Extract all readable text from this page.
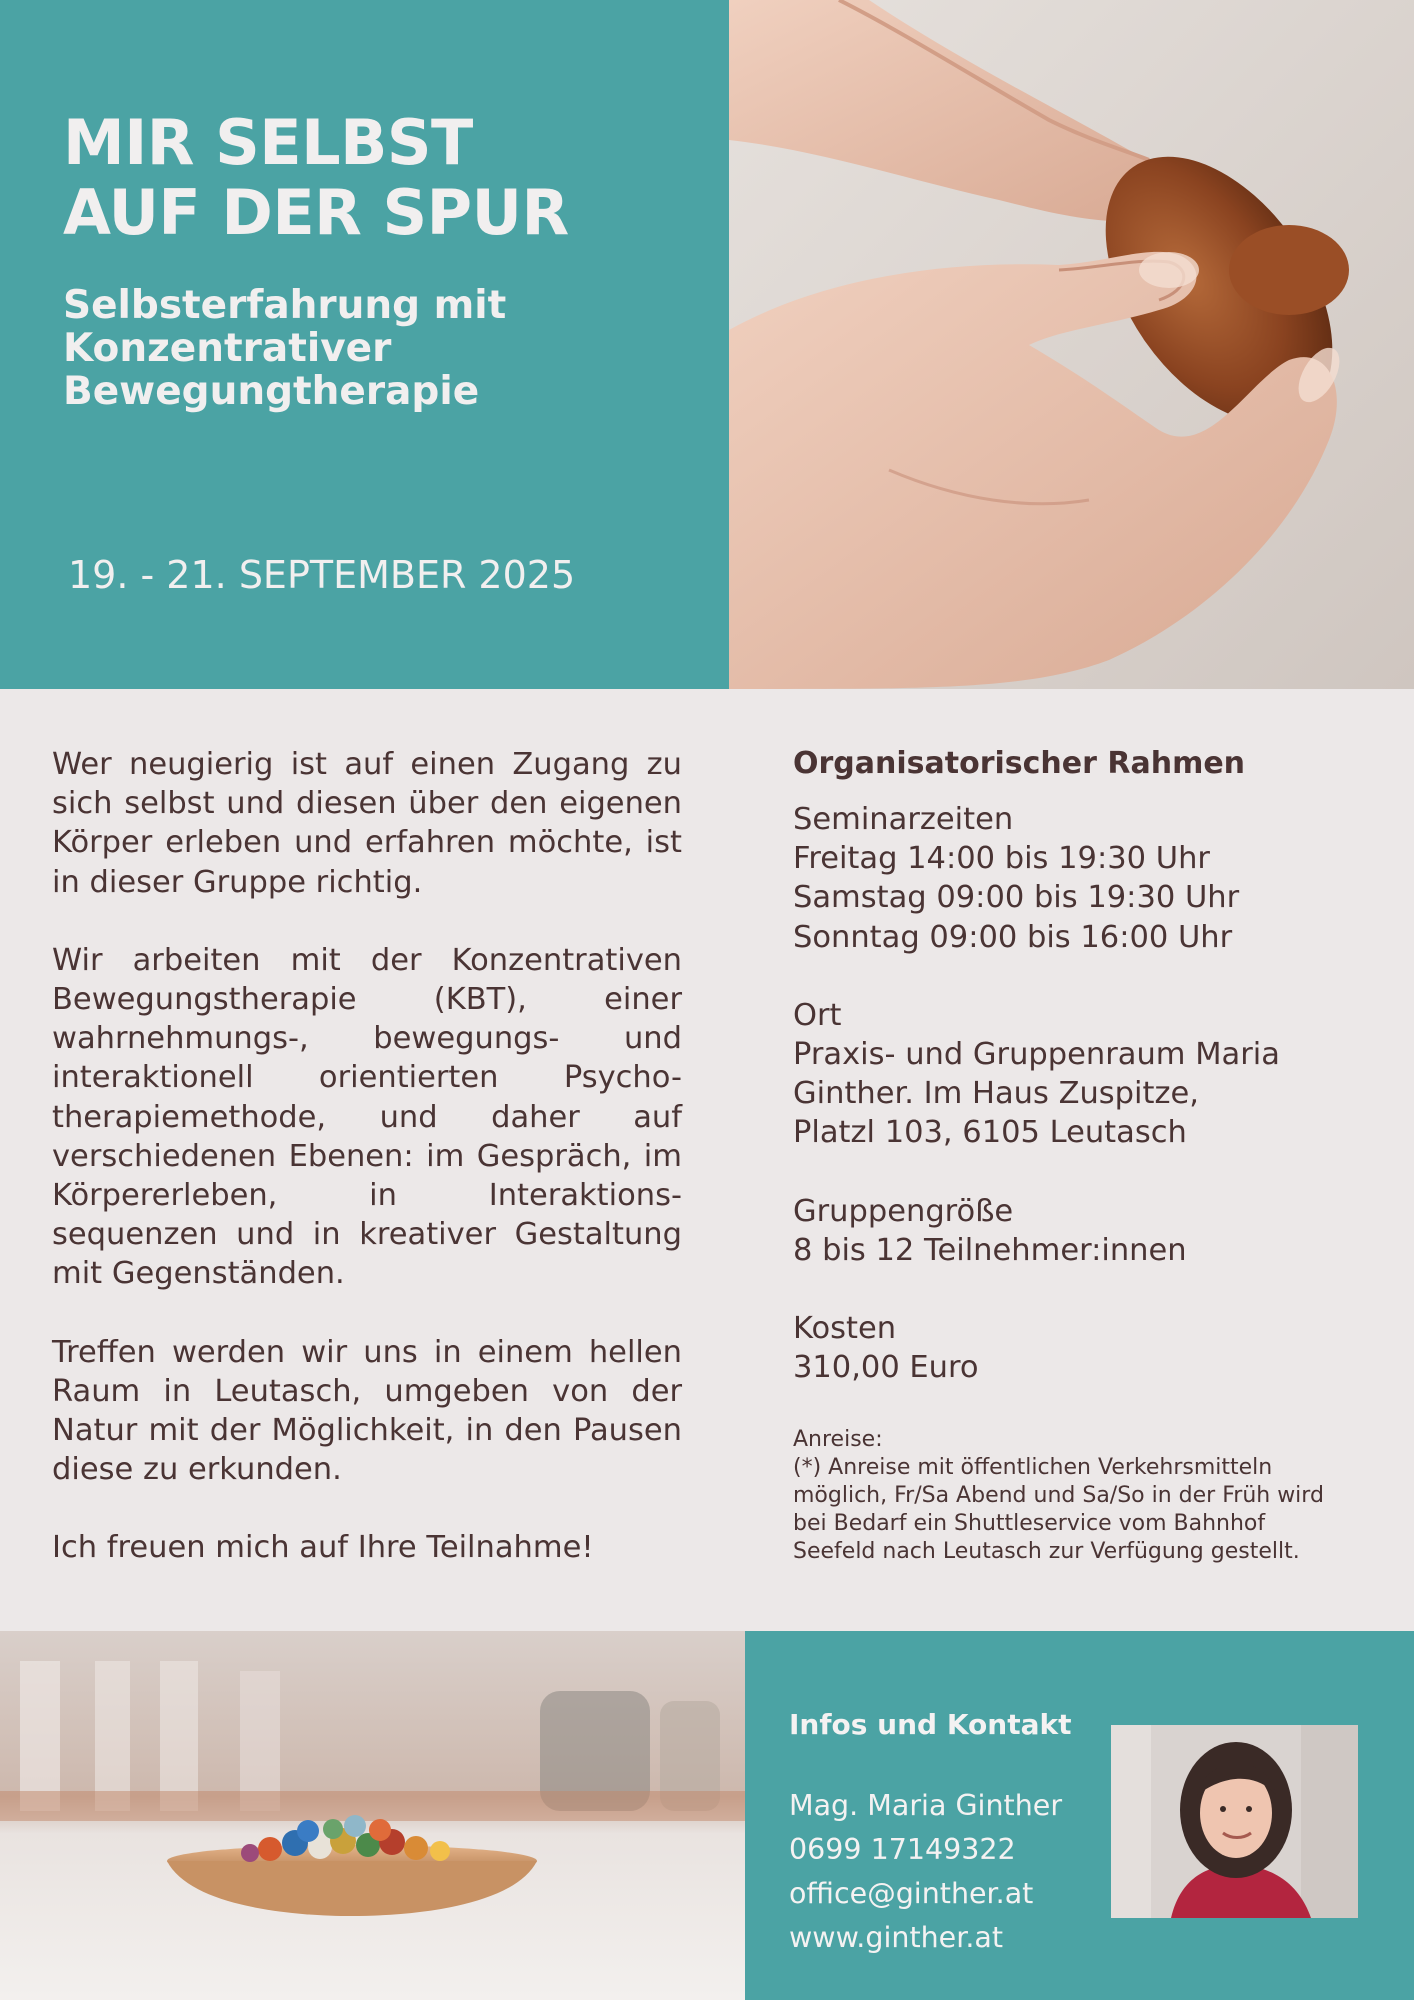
MIR SELBST
AUF DER SPUR
Selbsterfahrung mit
Konzentrativer
Bewegungtherapie
19. - 21. SEPTEMBER 2025

Wer neugierig ist auf einen Zugang zu sich selbst und diesen über den eigenen Körper erleben und erfahren möchte, ist in dieser Gruppe richtig.

Wir arbeiten mit der Konzentrativen Bewegungstherapie (KBT), einer wahrnehmungs-, bewegungs- und interaktionell orientierten Psycho-therapiemethode, und daher auf verschiedenen Ebenen: im Gespräch, im Körpererleben, in Interaktions-sequenzen und in kreativer Gestaltung mit Gegenständen.

Treffen werden wir uns in einem hellen Raum in Leutasch, umgeben von der Natur mit der Möglichkeit, in den Pausen diese zu erkunden.

Ich freuen mich auf Ihre Teilnahme!

Organisatorischer Rahmen
Seminarzeiten
Freitag 14:00 bis 19:30 Uhr
Samstag 09:00 bis 19:30 Uhr
Sonntag 09:00 bis 16:00 Uhr
Ort
Praxis- und Gruppenraum Maria
Ginther. Im Haus Zuspitze,
Platzl 103, 6105 Leutasch
Gruppengröße
8 bis 12 Teilnehmer:innen
Kosten
310,00 Euro
Anreise:
(*) Anreise mit öffentlichen Verkehrsmitteln
möglich, Fr/Sa Abend und Sa/So in der Früh wird
bei Bedarf ein Shuttleservice vom Bahnhof
Seefeld nach Leutasch zur Verfügung gestellt.
Infos und Kontakt
Mag. Maria Ginther
0699 17149322
office@ginther.at
www.ginther.at
